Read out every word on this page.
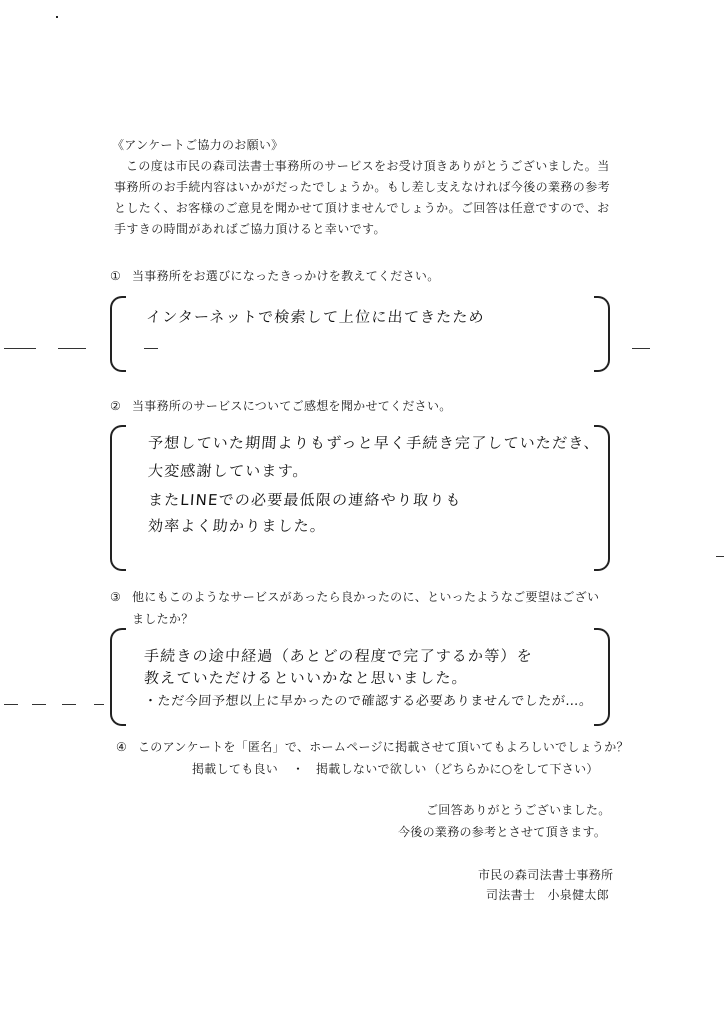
《アンケートご協力のお願い》
この度は市民の森司法書士事務所のサービスをお受け頂きありがとうございました。当事務所のお手続内容はいかがだったでしょうか。もし差し支えなければ今後の業務の参考としたく、お客様のご意見を聞かせて頂けませんでしょうか。ご回答は任意ですので、お手すきの時間があればご協力頂けると幸いです。
① 当事務所をお選びになったきっかけを教えてください。
インターネットで検索して上位に出てきたため
② 当事務所のサービスについてご感想を聞かせてください。
予想していた期間よりもずっと早く手続き完了していただき、
大変感謝しています。
またLINEでの必要最低限の連絡やり取りも
効率よく助かりました。
③ 他にもこのようなサービスがあったら良かったのに、といったようなご要望はござい
ましたか？
手続きの途中経過（あとどの程度で完了するか等）を
教えていただけるといいかなと思いました。
・ただ今回予想以上に早かったので確認する必要ありませんでしたが…。
④ このアンケートを「匿名」で、ホームページに掲載させて頂いてもよろしいでしょうか？
掲載しても良い ・ 掲載しないで欲しい （どちらかに○をして下さい）
ご回答ありがとうございました。
今後の業務の参考とさせて頂きます。
市民の森司法書士事務所
司法書士　小泉健太郎
